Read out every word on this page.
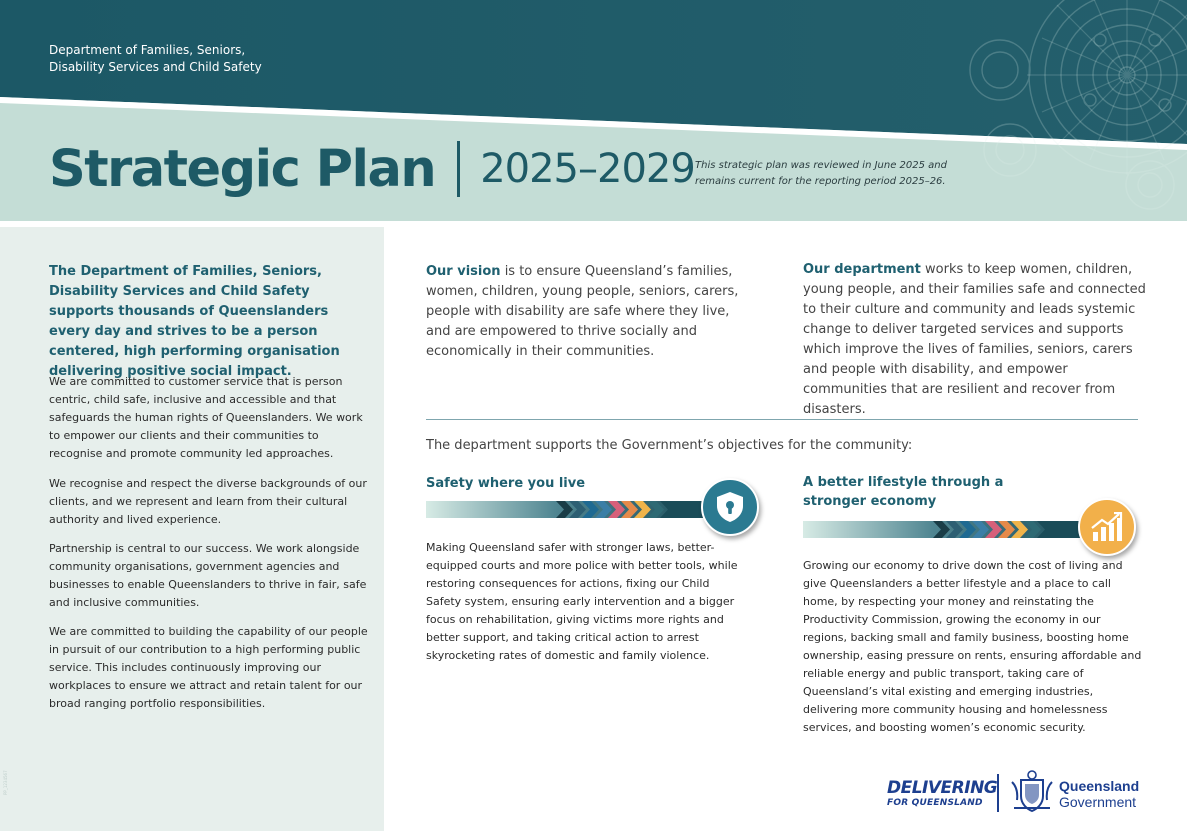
Department of Families, Seniors,
Disability Services and Child Safety
Strategic Plan 2025–2029 This strategic plan was reviewed in June 2025 and
remains current for the reporting period 2025–26.
The Department of Families, Seniors, Disability Services and Child Safety supports thousands of Queenslanders every day and strives to be a person centered, high performing organisation delivering positive social impact.
We are committed to customer service that is person centric, child safe, inclusive and accessible and that safeguards the human rights of Queenslanders. We work to empower our clients and their communities to recognise and promote community led approaches.
We recognise and respect the diverse backgrounds of our clients, and we represent and learn from their cultural authority and lived experience.
Partnership is central to our success. We work alongside community organisations, government agencies and businesses to enable Queenslanders to thrive in fair, safe and inclusive communities.
We are committed to building the capability of our people in pursuit of our contribution to a high performing public service. This includes continuously improving our workplaces to ensure we attract and retain talent for our broad ranging portfolio responsibilities.
PP_1234567
Our vision is to ensure Queensland’s families, women, children, young people, seniors, carers, people with disability are safe where they live, and are empowered to thrive socially and economically in their communities.
Our department works to keep women, children, young people, and their families safe and connected to their culture and community and leads systemic change to deliver targeted services and supports which improve the lives of families, seniors, carers and people with disability, and empower communities that are resilient and recover from disasters.
The department supports the Government’s objectives for the community:
Safety where you live
Making Queensland safer with stronger laws, better-equipped courts and more police with better tools, while restoring consequences for actions, fixing our Child Safety system, ensuring early intervention and a bigger focus on rehabilitation, giving victims more rights and better support, and taking critical action to arrest skyrocketing rates of domestic and family violence.
A better lifestyle through a
stronger economy
Growing our economy to drive down the cost of living and give Queenslanders a better lifestyle and a place to call home, by respecting your money and reinstating the Productivity Commission, growing the economy in our regions, backing small and family business, boosting home ownership, easing pressure on rents, ensuring affordable and reliable energy and public transport, taking care of Queensland’s vital existing and emerging industries, delivering more community housing and homelessness services, and boosting women’s economic security.
DELIVERING
FOR QUEENSLAND
Queensland
Government
